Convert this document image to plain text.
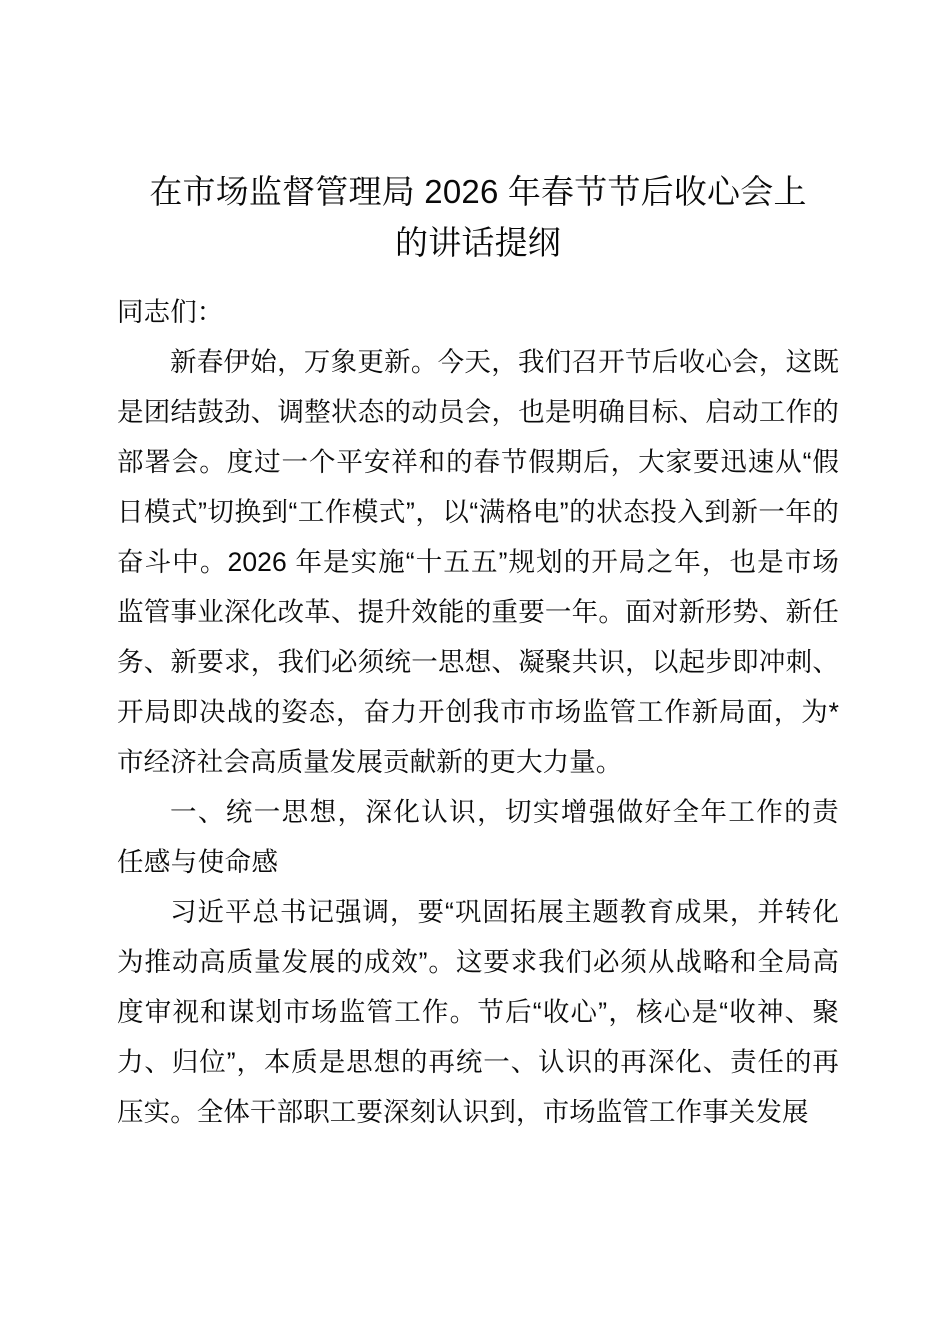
在市场监督管理局 2026 年春节节后收心会上
的讲话提纲

同志们：

新春伊始，万象更新。今天，我们召开节后收心会，这既是团结鼓劲、调整状态的动员会，也是明确目标、启动工作的部署会。度过一个平安祥和的春节假期后，大家要迅速从“假日模式”切换到“工作模式”，以“满格电”的状态投入到新一年的奋斗中。2026 年是实施“十五五”规划的开局之年，也是市场监管事业深化改革、提升效能的重要一年。面对新形势、新任务、新要求，我们必须统一思想、凝聚共识，以起步即冲刺、开局即决战的姿态，奋力开创我市市场监管工作新局面，为*市经济社会高质量发展贡献新的更大力量。

一、统一思想，深化认识，切实增强做好全年工作的责任感与使命感

习近平总书记强调，要“巩固拓展主题教育成果，并转化为推动高质量发展的成效”。这要求我们必须从战略和全局高度审视和谋划市场监管工作。节后“收心”，核心是“收神、聚力、归位”，本质是思想的再统一、认识的再深化、责任的再压实。全体干部职工要深刻认识到，市场监管工作事关发展
